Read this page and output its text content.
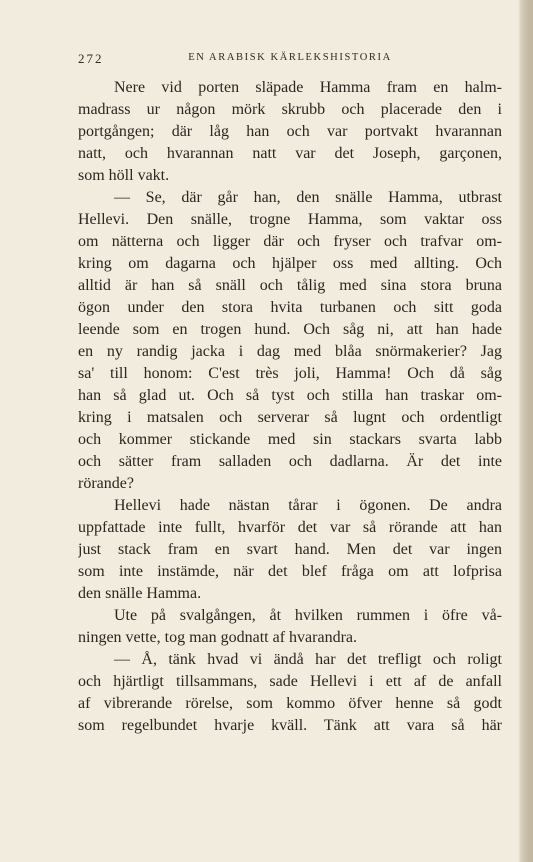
272	EN ARABISK KÄRLEKSHISTORIA
Nere vid porten släpade Hamma fram en halm-
madrass ur någon mörk skrubb och placerade den i
portgången; där låg han och var portvakt hvarannan
natt, och hvarannan natt var det Joseph, garçonen,
som höll vakt.
— Se, där går han, den snälle Hamma, utbrast
Hellevi. Den snälle, trogne Hamma, som vaktar oss
om nätterna och ligger där och fryser och trafvar om-
kring om dagarna och hjälper oss med allting. Och
alltid är han så snäll och tålig med sina stora bruna
ögon under den stora hvita turbanen och sitt goda
leende som en trogen hund. Och såg ni, att han hade
en ny randig jacka i dag med blåa snörmakerier? Jag
sa' till honom: C'est très joli, Hamma! Och då såg
han så glad ut. Och så tyst och stilla han traskar om-
kring i matsalen och serverar så lugnt och ordentligt
och kommer stickande med sin stackars svarta labb
och sätter fram salladen och dadlarna. Är det inte
rörande?
Hellevi hade nästan tårar i ögonen. De andra
uppfattade inte fullt, hvarför det var så rörande att han
just stack fram en svart hand. Men det var ingen
som inte instämde, när det blef fråga om att lofprisa
den snälle Hamma.
Ute på svalgången, åt hvilken rummen i öfre vå-
ningen vette, tog man godnatt af hvarandra.
— Å, tänk hvad vi ändå har det trefligt och roligt
och hjärtligt tillsammans, sade Hellevi i ett af de anfall
af vibrerande rörelse, som kommo öfver henne så godt
som regelbundet hvarje kväll. Tänk att vara så här
